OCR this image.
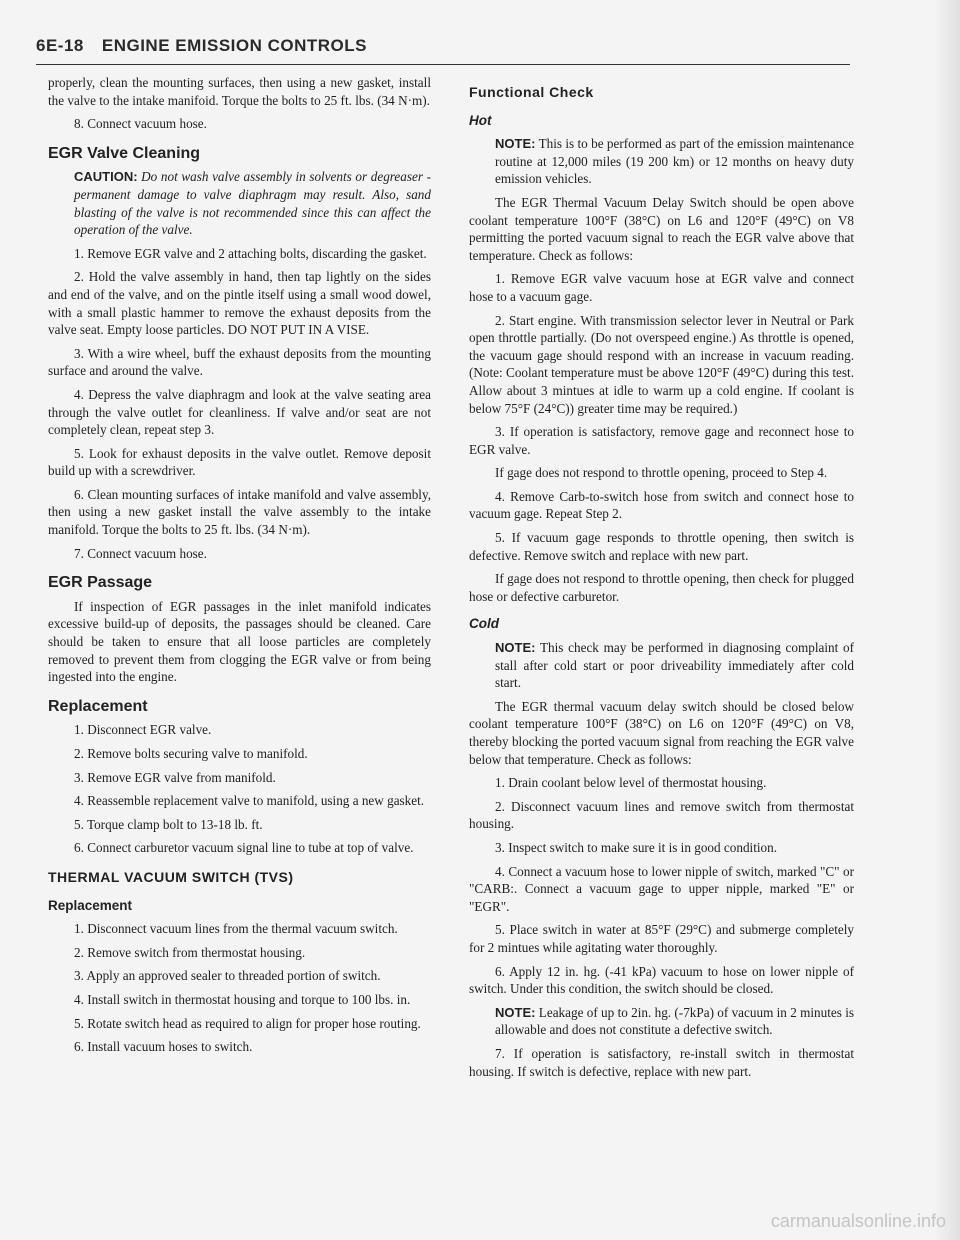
6E-18 ENGINE EMISSION CONTROLS

properly, clean the mounting surfaces, then using a new gasket, install the valve to the intake manifoid. Torque the bolts to 25 ft. lbs. (34 N·m).

8. Connect vacuum hose.

EGR Valve Cleaning

CAUTION: Do not wash valve assembly in solvents or degreaser - permanent damage to valve diaphragm may result. Also, sand blasting of the valve is not recommended since this can affect the operation of the valve.

1. Remove EGR valve and 2 attaching bolts, discarding the gasket.

2. Hold the valve assembly in hand, then tap lightly on the sides and end of the valve, and on the pintle itself using a small wood dowel, with a small plastic hammer to remove the exhaust deposits from the valve seat. Empty loose particles. DO NOT PUT IN A VISE.

3. With a wire wheel, buff the exhaust deposits from the mounting surface and around the valve.

4. Depress the valve diaphragm and look at the valve seating area through the valve outlet for cleanliness. If valve and/or seat are not completely clean, repeat step 3.

5. Look for exhaust deposits in the valve outlet. Remove deposit build up with a screwdriver.

6. Clean mounting surfaces of intake manifold and valve assembly, then using a new gasket install the valve assembly to the intake manifold. Torque the bolts to 25 ft. lbs. (34 N·m).

7. Connect vacuum hose.

EGR Passage

If inspection of EGR passages in the inlet manifold indicates excessive build-up of deposits, the passages should be cleaned. Care should be taken to ensure that all loose particles are completely removed to prevent them from clogging the EGR valve or from being ingested into the engine.

Replacement

1. Disconnect EGR valve.

2. Remove bolts securing valve to manifold.

3. Remove EGR valve from manifold.

4. Reassemble replacement valve to manifold, using a new gasket.

5. Torque clamp bolt to 13-18 lb. ft.

6. Connect carburetor vacuum signal line to tube at top of valve.

THERMAL VACUUM SWITCH (TVS)
Replacement

1. Disconnect vacuum lines from the thermal vacuum switch.

2. Remove switch from thermostat housing.

3. Apply an approved sealer to threaded portion of switch.

4. Install switch in thermostat housing and torque to 100 lbs. in.

5. Rotate switch head as required to align for proper hose routing.

6. Install vacuum hoses to switch.

Functional Check
Hot

NOTE: This is to be performed as part of the emission maintenance routine at 12,000 miles (19 200 km) or 12 months on heavy duty emission vehicles.

The EGR Thermal Vacuum Delay Switch should be open above coolant temperature 100°F (38°C) on L6 and 120°F (49°C) on V8 permitting the ported vacuum signal to reach the EGR valve above that temperature. Check as follows:

1. Remove EGR valve vacuum hose at EGR valve and connect hose to a vacuum gage.

2. Start engine. With transmission selector lever in Neutral or Park open throttle partially. (Do not overspeed engine.) As throttle is opened, the vacuum gage should respond with an increase in vacuum reading. (Note: Coolant temperature must be above 120°F (49°C) during this test. Allow about 3 mintues at idle to warm up a cold engine. If coolant is below 75°F (24°C)) greater time may be required.)

3. If operation is satisfactory, remove gage and reconnect hose to EGR valve.

If gage does not respond to throttle opening, proceed to Step 4.

4. Remove Carb-to-switch hose from switch and connect hose to vacuum gage. Repeat Step 2.

5. If vacuum gage responds to throttle opening, then switch is defective. Remove switch and replace with new part.

If gage does not respond to throttle opening, then check for plugged hose or defective carburetor.

Cold

NOTE: This check may be performed in diagnosing complaint of stall after cold start or poor driveability immediately after cold start.

The EGR thermal vacuum delay switch should be closed below coolant temperature 100°F (38°C) on L6 on 120°F (49°C) on V8, thereby blocking the ported vacuum signal from reaching the EGR valve below that temperature. Check as follows:

1. Drain coolant below level of thermostat housing.

2. Disconnect vacuum lines and remove switch from thermostat housing.

3. Inspect switch to make sure it is in good condition.

4. Connect a vacuum hose to lower nipple of switch, marked "C" or "CARB:. Connect a vacuum gage to upper nipple, marked "E" or "EGR".

5. Place switch in water at 85°F (29°C) and submerge completely for 2 mintues while agitating water thoroughly.

6. Apply 12 in. hg. (-41 kPa) vacuum to hose on lower nipple of switch. Under this condition, the switch should be closed.

NOTE: Leakage of up to 2in. hg. (-7kPa) of vacuum in 2 minutes is allowable and does not constitute a defective switch.

7. If operation is satisfactory, re-install switch in thermostat housing. If switch is defective, replace with new part.

carmanualsonline.info
